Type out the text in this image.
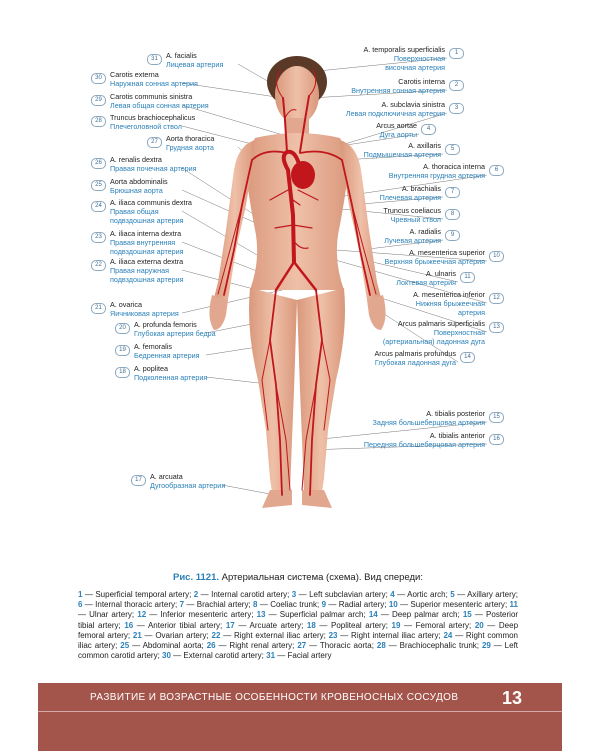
A. temporalis superficialis
Поверхностная
височная артерия
1
Carotis interna
Внутренняя сонная артерия
2
A. subclavia sinistra
Левая подключичная артерия
3
Arcus aortae
Дуга аорты
4
A. axillaris
Подмышечная артерия
5
A. thoracica interna
Внутренняя грудная артерия
6
A. brachialis
Плечевая артерия
7
Truncus coeliacus
Чревный ствол
8
A. radialis
Лучевая артерия
9
A. mesenterica superior
Верхняя брыжеечная артерия
10
A. ulnaris
Локтевая артерия
11
A. mesenterica inferior
Нижняя брыжеечная
артерия
12
Arcus palmaris superficialis
Поверхностная
(артериальная) ладонная дуга
13
Arcus palmaris profundus
Глубокая ладонная дуга
14
A. tibialis posterior
Задняя большеберцовая артерия
15
A. tibialis anterior
Передняя большеберцовая артерия
16
A. arcuata
Дугообразная артерия
17
A. poplitea
Подколенная артерия
18
A. femoralis
Бедренная артерия
19
A. profunda femoris
Глубокая артерия бедра
20
A. ovarica
Яичниковая артерия
21
A. iliaca externa dextra
Правая наружная
подвздошная артерия
22
A. iliaca interna dextra
Правая внутренняя
подвздошная артерия
23
A. iliaca communis dextra
Правая общая
подвздошная артерия
24
Aorta abdominalis
Брюшная аорта
25
A. renalis dextra
Правая почечная артерия
26
Aorta thoracica
Грудная аорта
27
Truncus brachiocephalicus
Плечеголовной ствол
28
Carotis communis sinistra
Левая общая сонная артерия
29
Carotis externa
Наружная сонная артерия
30
A. facialis
Лицевая артерия
31
Рис. 1121. Артериальная система (схема). Вид спереди:
1 — Superficial temporal artery; 2 — Internal carotid artery; 3 — Left subclavian artery; 4 — Aortic arch; 5 — Axillary artery; 6 — Internal thoracic artery; 7 — Brachial artery; 8 — Coeliac trunk; 9 — Radial artery; 10 — Superior mesenteric artery; 11 — Ulnar artery; 12 — Inferior mesenteric artery; 13 — Superficial palmar arch; 14 — Deep palmar arch; 15 — Posterior tibial artery; 16 — Anterior tibial artery; 17 — Arcuate artery; 18 — Popliteal artery; 19 — Femoral artery; 20 — Deep femoral artery; 21 — Ovarian artery; 22 — Right external iliac artery; 23 — Right internal iliac artery; 24 — Right common iliac artery; 25 — Abdominal aorta; 26 — Right renal artery; 27 — Thoracic aorta; 28 — Brachiocephalic trunk; 29 — Left common carotid artery; 30 — External carotid artery; 31 — Facial artery
РАЗВИТИЕ И ВОЗРАСТНЫЕ ОСОБЕННОСТИ КРОВЕНОСНЫХ СОСУДОВ 13
